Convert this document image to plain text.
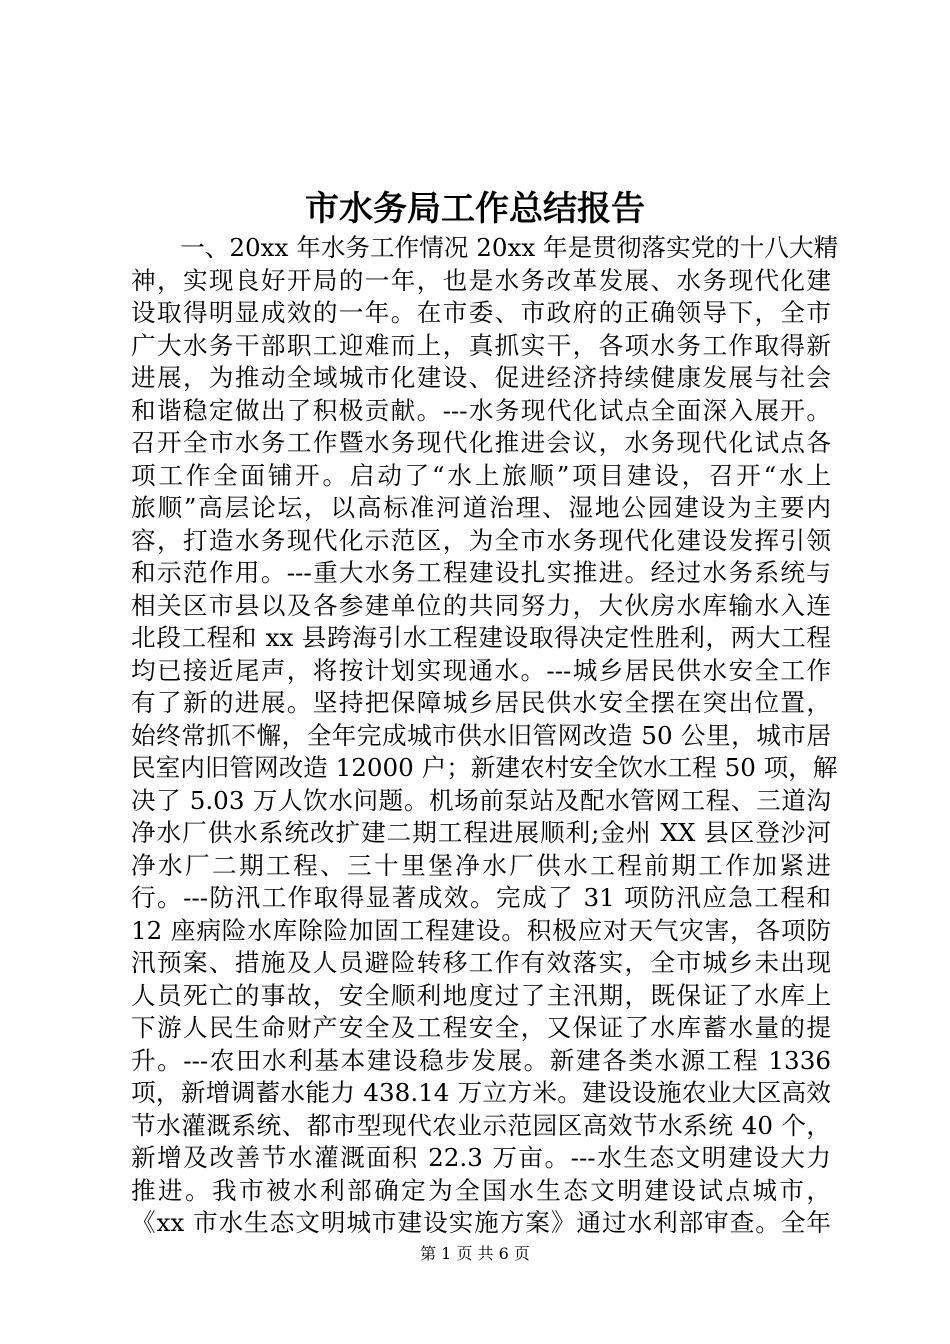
市水务局工作总结报告
　　一、20xx 年水务工作情况 20xx 年是贯彻落实党的十八大精
神，实现良好开局的一年，也是水务改革发展、水务现代化建
设取得明显成效的一年。在市委、市政府的正确领导下，全市
广大水务干部职工迎难而上，真抓实干，各项水务工作取得新
进展，为推动全域城市化建设、促进经济持续健康发展与社会
和谐稳定做出了积极贡献。---水务现代化试点全面深入展开。
召开全市水务工作暨水务现代化推进会议，水务现代化试点各
项工作全面铺开。启动了“水上旅顺”项目建设，召开“水上
旅顺”高层论坛，以高标准河道治理、湿地公园建设为主要内
容，打造水务现代化示范区，为全市水务现代化建设发挥引领
和示范作用。---重大水务工程建设扎实推进。经过水务系统与
相关区市县以及各参建单位的共同努力，大伙房水库输水入连
北段工程和 xx 县跨海引水工程建设取得决定性胜利，两大工程
均已接近尾声，将按计划实现通水。---城乡居民供水安全工作
有了新的进展。坚持把保障城乡居民供水安全摆在突出位置，
始终常抓不懈，全年完成城市供水旧管网改造 50 公里，城市居
民室内旧管网改造 12000 户；新建农村安全饮水工程 50 项，解
决了 5.03 万人饮水问题。机场前泵站及配水管网工程、三道沟
净水厂供水系统改扩建二期工程进展顺利;金州 XX 县区登沙河
净水厂二期工程、三十里堡净水厂供水工程前期工作加紧进
行。---防汛工作取得显著成效。完成了 31 项防汛应急工程和
12 座病险水库除险加固工程建设。积极应对天气灾害，各项防
汛预案、措施及人员避险转移工作有效落实，全市城乡未出现
人员死亡的事故，安全顺利地度过了主汛期，既保证了水库上
下游人民生命财产安全及工程安全，又保证了水库蓄水量的提
升。---农田水利基本建设稳步发展。新建各类水源工程 1336
项，新增调蓄水能力 438.14 万立方米。建设设施农业大区高效
节水灌溉系统、都市型现代农业示范园区高效节水系统 40 个，
新增及改善节水灌溉面积 22.3 万亩。---水生态文明建设大力
推进。我市被水利部确定为全国水生态文明建设试点城市，
《xx 市水生态文明城市建设实施方案》通过水利部审查。全年
第 1 页 共 6 页
